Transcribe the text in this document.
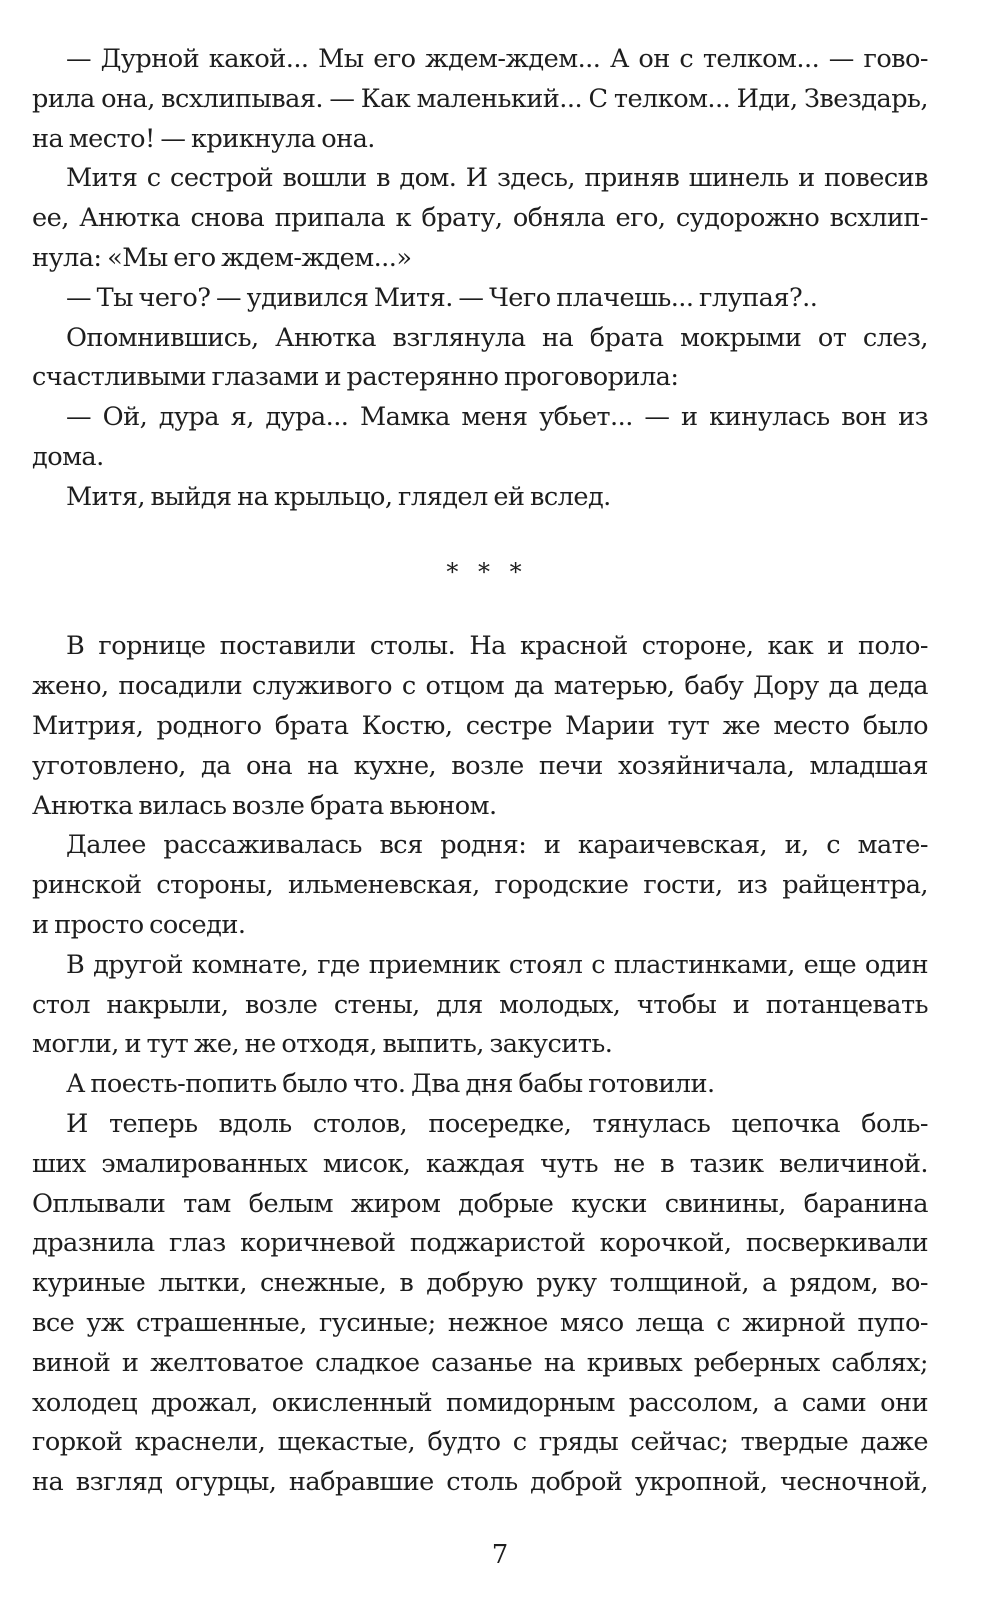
— Дурной какой... Мы его ждем-ждем... А он с телком... — гово-
рила она, всхлипывая. — Как маленький... С телком... Иди, Звездарь,
на место! — крикнула она.
Митя с сестрой вошли в дом. И здесь, приняв шинель и повесив
ее, Анютка снова припала к брату, обняла его, судорожно всхлип-
нула: «Мы его ждем-ждем...»
— Ты чего? — удивился Митя. — Чего плачешь... глупая?..
Опомнившись, Анютка взглянула на брата мокрыми от слез,
счастливыми глазами и растерянно проговорила:
— Ой, дура я, дура... Мамка меня убьет... — и кинулась вон из
дома.
Митя, выйдя на крыльцо, глядел ей вслед.
* * *
В горнице поставили столы. На красной стороне, как и поло-
жено, посадили служивого с отцом да матерью, бабу Дору да деда
Митрия, родного брата Костю, сестре Марии тут же место было
уготовлено, да она на кухне, возле печи хозяйничала, младшая
Анютка вилась возле брата вьюном.
Далее рассаживалась вся родня: и караичевская, и, с мате-
ринской стороны, ильменевская, городские гости, из райцентра,
и просто соседи.
В другой комнате, где приемник стоял с пластинками, еще один
стол накрыли, возле стены, для молодых, чтобы и потанцевать
могли, и тут же, не отходя, выпить, закусить.
А поесть-попить было что. Два дня бабы готовили.
И теперь вдоль столов, посередке, тянулась цепочка боль-
ших эмалированных мисок, каждая чуть не в тазик величиной.
Оплывали там белым жиром добрые куски свинины, баранина
дразнила глаз коричневой поджаристой корочкой, посверкивали
куриные лытки, снежные, в добрую руку толщиной, а рядом, во-
все уж страшенные, гусиные; нежное мясо леща с жирной пупо-
виной и желтоватое сладкое сазанье на кривых реберных саблях;
холодец дрожал, окисленный помидорным рассолом, а сами они
горкой краснели, щекастые, будто с гряды сейчас; твердые даже
на взгляд огурцы, набравшие столь доброй укропной, чесночной,
7
